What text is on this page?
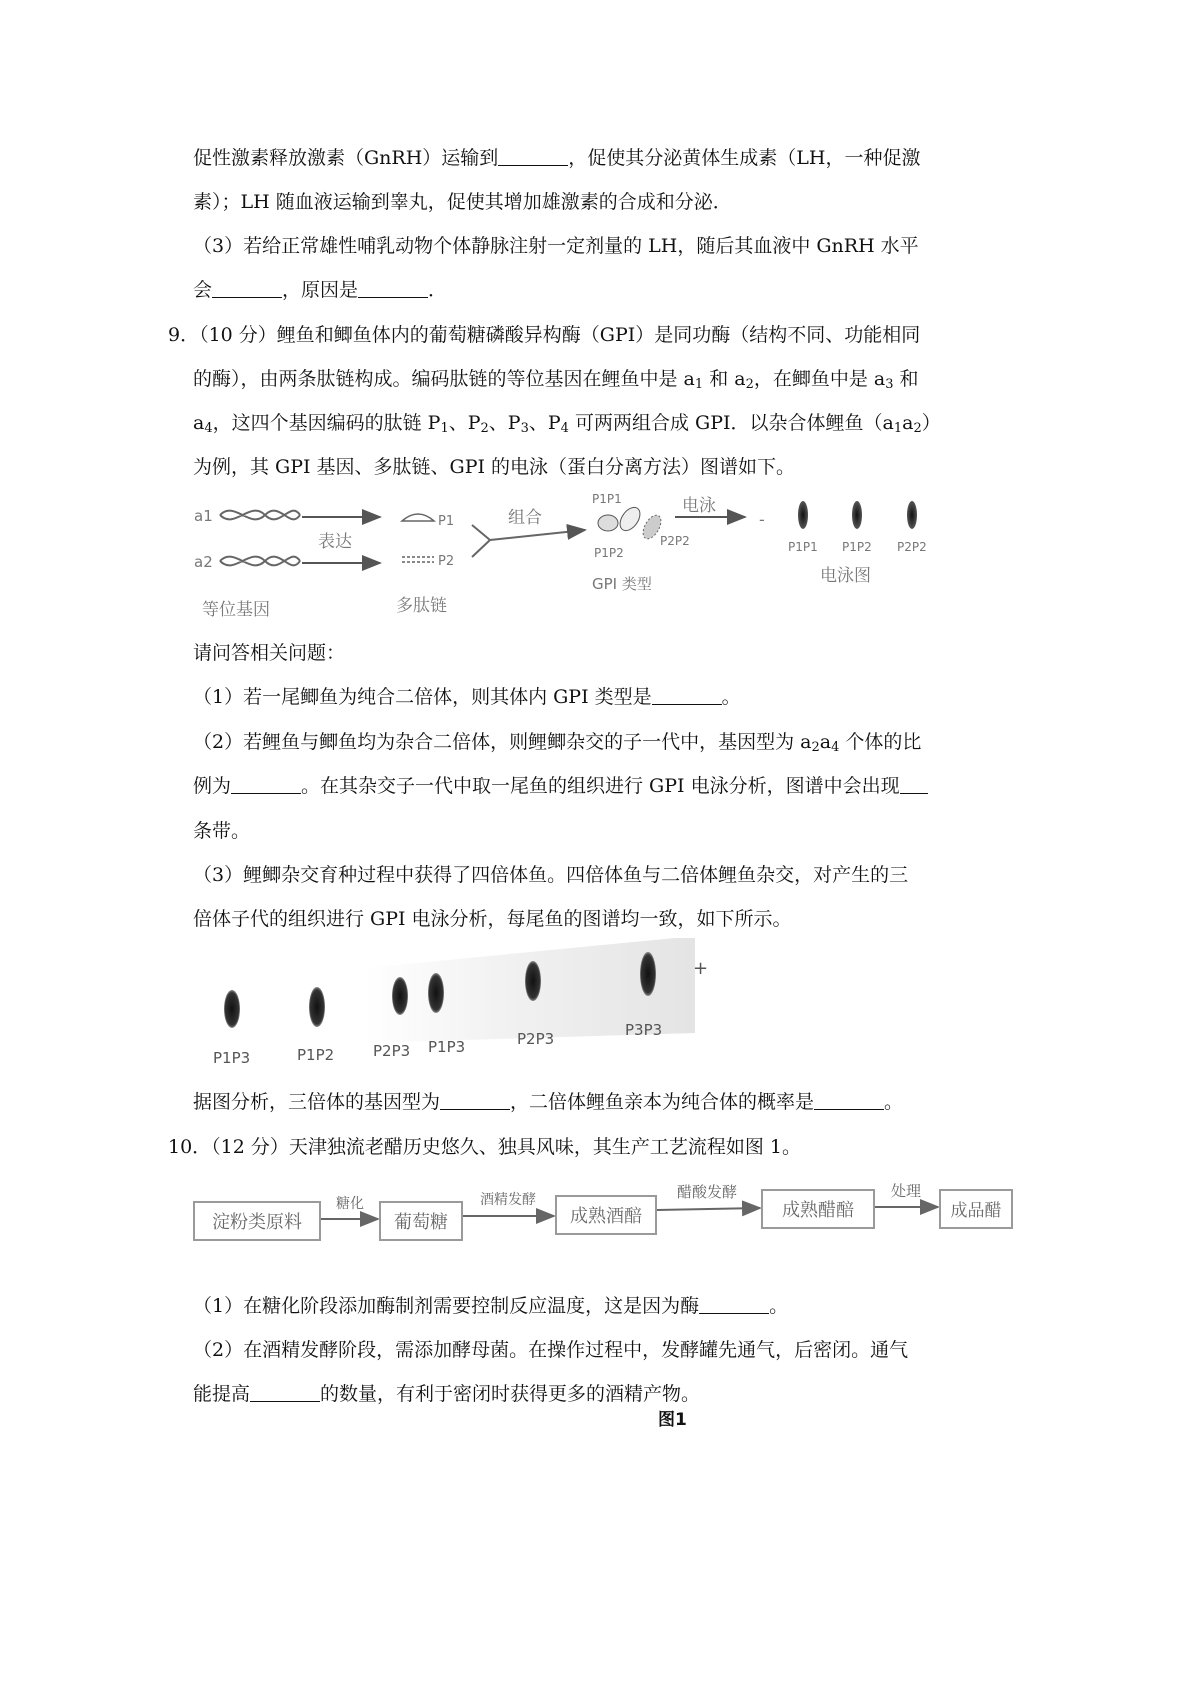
促性激素释放激素（GnRH）运输到	，促使其分泌黄体生成素（LH，一种促激
素）；LH 随血液运输到睾丸，促使其增加雄激素的合成和分泌．
（3）若给正常雄性哺乳动物个体静脉注射一定剂量的 LH，随后其血液中 GnRH 水平
会	，原因是	．
9．（10 分）鲤鱼和鲫鱼体内的葡萄糖磷酸异构酶（GPI）是同功酶（结构不同、功能相同
的酶），由两条肽链构成。编码肽链的等位基因在鲤鱼中是 $a_1$ 和 $a_2$，在鲫鱼中是 $a_3$ 和
$a_4$，这四个基因编码的肽链 $P_1$、$P_2$、$P_3$、$P_4$ 可两两组合成 GPI．以杂合体鲤鱼$(a_1a_2)$
为例，其 GPI 基因、多肽链、GPI 的电泳（蛋白分离方法）图谱如下。
a1
a2
表达
P1
P2
组合
P1P1
P1P2
P2P2
电泳
-
P1P1 P1P2 P2P2
等位基因	多肽链
GPI 类型	电泳图
请问答相关问题：
（1）若一尾鲫鱼为纯合二倍体，则其体内 GPI 类型是	。
（2）若鲤鱼与鲫鱼均为杂合二倍体，则鲤鲫杂交的子一代中，基因型为 $a_2a_4$ 个体的比
例为	。在其杂交子一代中取一尾鱼的组织进行 GPI 电泳分析，图谱中会出现
条带。
（3）鲤鲫杂交育种过程中获得了四倍体鱼。四倍体鱼与二倍体鲤鱼杂交，对产生的三
倍体子代的组织进行 GPI 电泳分析，每尾鱼的图谱均一致，如下所示。
+
P1P3	P1P2	P2P3 P1P3	P2P3	P3P3
据图分析，三倍体的基因型为	，二倍体鲤鱼亲本为纯合体的概率是	。
10．（12 分）天津独流老醋历史悠久、独具风味，其生产工艺流程如图 1。
淀粉类原料
糖化
葡萄糖
酒精发酵
成熟酒醅
醋酸发酵
成熟醋醅
处理
成品醋
图1
（1）在糖化阶段添加酶制剂需要控制反应温度，这是因为酶	。
（2）在酒精发酵阶段，需添加酵母菌。在操作过程中，发酵罐先通气，后密闭。通气
能提高	的数量，有利于密闭时获得更多的酒精产物。
